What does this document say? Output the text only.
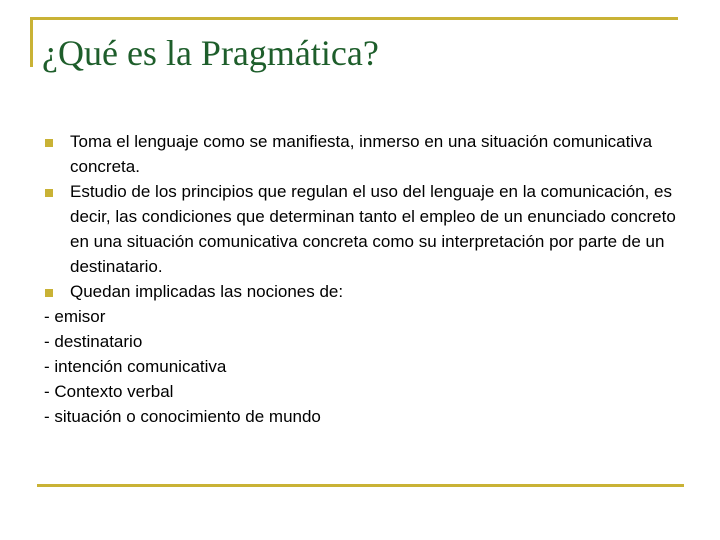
¿Qué es la Pragmática?
Toma el lenguaje como se manifiesta, inmerso en una situación comunicativa concreta.
Estudio de los principios que regulan el uso del lenguaje en la comunicación, es decir, las condiciones que determinan tanto el empleo de un enunciado concreto en una situación comunicativa concreta como su interpretación por parte de un destinatario.
Quedan implicadas las nociones de:
- emisor
- destinatario
- intención comunicativa
- Contexto verbal
- situación o conocimiento de mundo
